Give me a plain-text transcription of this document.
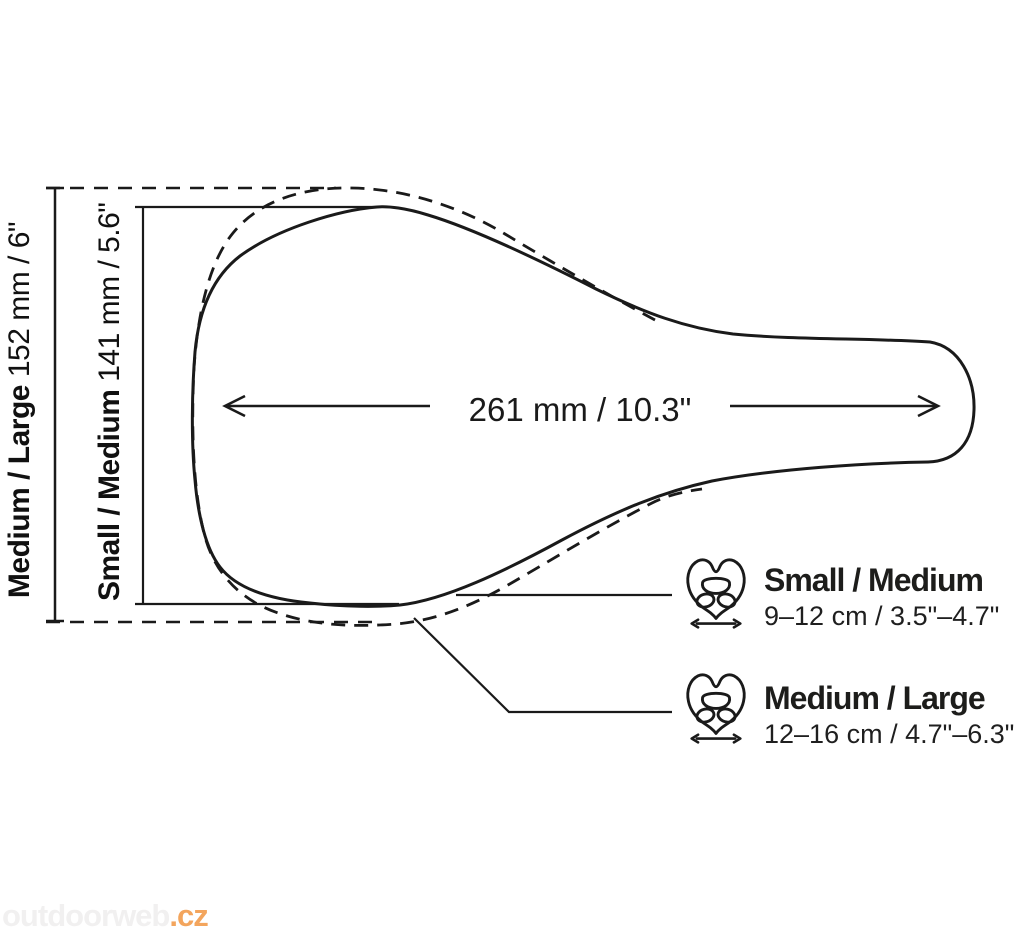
Medium / Large 152 mm / 6"
Small / Medium 141 mm / 5.6"
261 mm / 10.3"
Small / Medium
9–12 cm / 3.5"–4.7"
Medium / Large
12–16 cm / 4.7"–6.3"
outdoorweb.cz
